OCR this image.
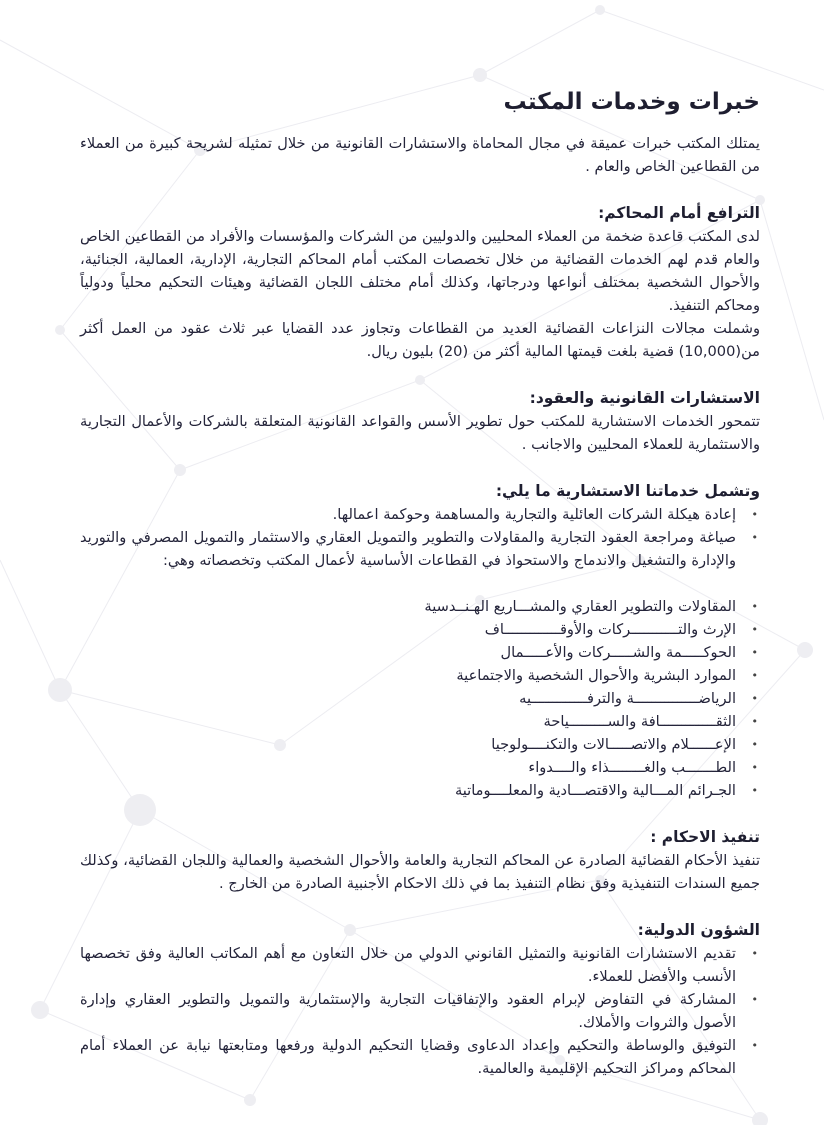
خبرات وخدمات المكتب

يمتلك المكتب خبرات عميقة في مجال المحاماة والاستشارات القانونية من خلال تمثيله لشريحة كبيرة من العملاء من القطاعين الخاص والعام .

الترافع أمام المحاكم:

لدى المكتب قاعدة ضخمة من العملاء المحليين والدوليين من الشركات والمؤسسات والأفراد من القطاعين الخاص والعام قدم لهم الخدمات القضائية من خلال تخصصات المكتب أمام المحاكم التجارية، الإدارية، العمالية، الجنائية، والأحوال الشخصية بمختلف أنواعها ودرجاتها، وكذلك أمام مختلف اللجان القضائية وهيئات التحكيم محلياً ودولياً ومحاكم التنفيذ.

وشملت مجالات النزاعات القضائية العديد من القطاعات وتجاوز عدد القضايا عبر ثلاث عقود من العمل أكثر من(10,000) قضية بلغت قيمتها المالية أكثر من (20) بليون ريال.

الاستشارات القانونية والعقود:

تتمحور الخدمات الاستشارية للمكتب حول تطوير الأسس والقواعد القانونية المتعلقة بالشركات والأعمال التجارية والاستثمارية للعملاء المحليين والاجانب .

وتشمل خدماتنا الاستشارية ما يلي:
• إعادة هيكلة الشركات العائلية والتجارية والمساهمة وحوكمة اعمالها.
• صياغة ومراجعة العقود التجارية والمقاولات والتطوير والتمويل العقاري والاستثمار والتمويل المصرفي والتوريد والإدارة والتشغيل والاندماج والاستحواذ في القطاعات الأساسية لأعمال المكتب وتخصصاته وهي:
• المقاولات والتطوير العقاري والمشـــاريع الهـنــدسية
• الإرث والتـــــــــــركات والأوقـــــــــــــاف
• الحوكـــــمة والشـــــركات والأعـــــمال
• الموارد البشرية والأحوال الشخصية والاجتماعية
• الرياضـــــــــــــــة والترفـــــــــــــيه
• الثقـــــــــــــافة والســـــــــياحة
• الإعــــــلام والاتصـــــالات والتكنــــولوجيا
• الطـــــــب والغــــــــذاء والــــدواء
• الجـرائم المـــالية والاقتصـــادية والمعلــــوماتية
تنفيذ الاحكام :

تنفيذ الأحكام القضائية الصادرة عن المحاكم التجارية والعامة والأحوال الشخصية والعمالية واللجان القضائية، وكذلك جميع السندات التنفيذية وفق نظام التنفيذ بما في ذلك الاحكام الأجنبية الصادرة من الخارج .

الشؤون الدولية:
• تقديم الاستشارات القانونية والتمثيل القانوني الدولي من خلال التعاون مع أهم المكاتب العالية وفق تخصصها الأنسب والأفضل للعملاء.
• المشاركة في التفاوض لإبرام العقود والإتفاقيات التجارية والإستثمارية والتمويل والتطوير العقاري وإدارة الأصول والثروات والأملاك.
• التوفيق والوساطة والتحكيم وإعداد الدعاوى وقضايا التحكيم الدولية ورفعها ومتابعتها نيابة عن العملاء أمام المحاكم ومراكز التحكيم الإقليمية والعالمية.
